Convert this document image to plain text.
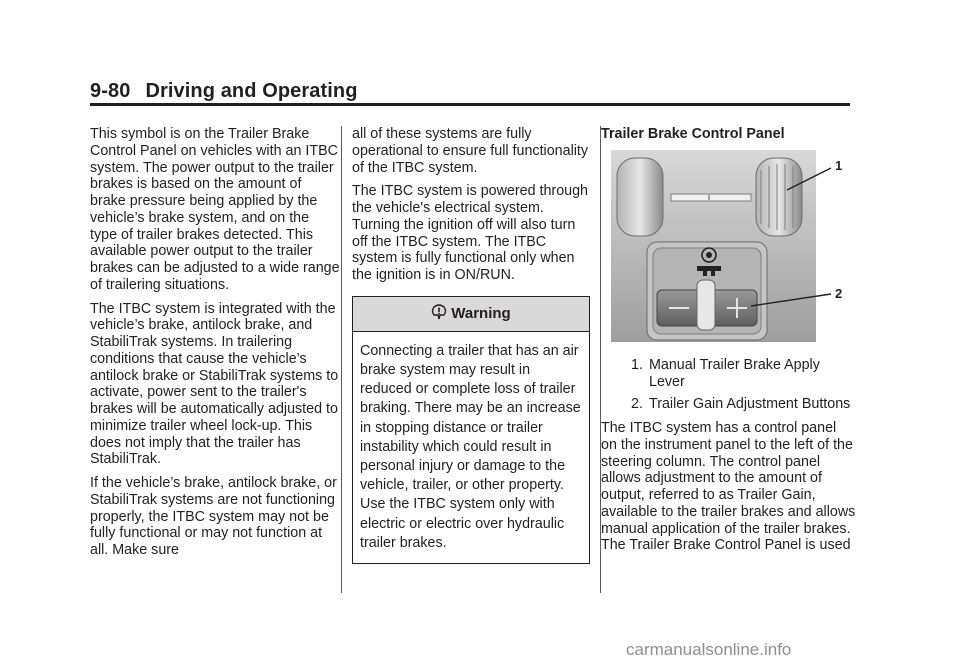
9-80 Driving and Operating

This symbol is on the Trailer Brake Control Panel on vehicles with an ITBC system. The power output to the trailer brakes is based on the amount of brake pressure being applied by the vehicle’s brake system, and on the type of trailer brakes detected. This available power output to the trailer brakes can be adjusted to a wide range of trailering situations.

The ITBC system is integrated with the vehicle’s brake, antilock brake, and StabiliTrak systems. In trailering conditions that cause the vehicle’s antilock brake or StabiliTrak systems to activate, power sent to the trailer's brakes will be automatically adjusted to minimize trailer wheel lock-up. This does not imply that the trailer has StabiliTrak.

If the vehicle’s brake, antilock brake, or StabiliTrak systems are not functioning properly, the ITBC system may not be fully functional or may not function at all. Make sure

all of these systems are fully operational to ensure full functionality of the ITBC system.

The ITBC system is powered through the vehicle's electrical system. Turning the ignition off will also turn off the ITBC system. The ITBC system is fully functional only when the ignition is in ON/RUN.

Warning
Connecting a trailer that has an air brake system may result in reduced or complete loss of trailer braking. There may be an increase in stopping distance or trailer instability which could result in personal injury or damage to the vehicle, trailer, or other property. Use the ITBC system only with electric or electric over hydraulic trailer brakes.

Trailer Brake Control Panel

1
2
1. Manual Trailer Brake Apply Lever
2. Trailer Gain Adjustment Buttons

The ITBC system has a control panel on the instrument panel to the left of the steering column. The control panel allows adjustment to the amount of output, referred to as Trailer Gain, available to the trailer brakes and allows manual application of the trailer brakes. The Trailer Brake Control Panel is used

carmanualsonline.info
